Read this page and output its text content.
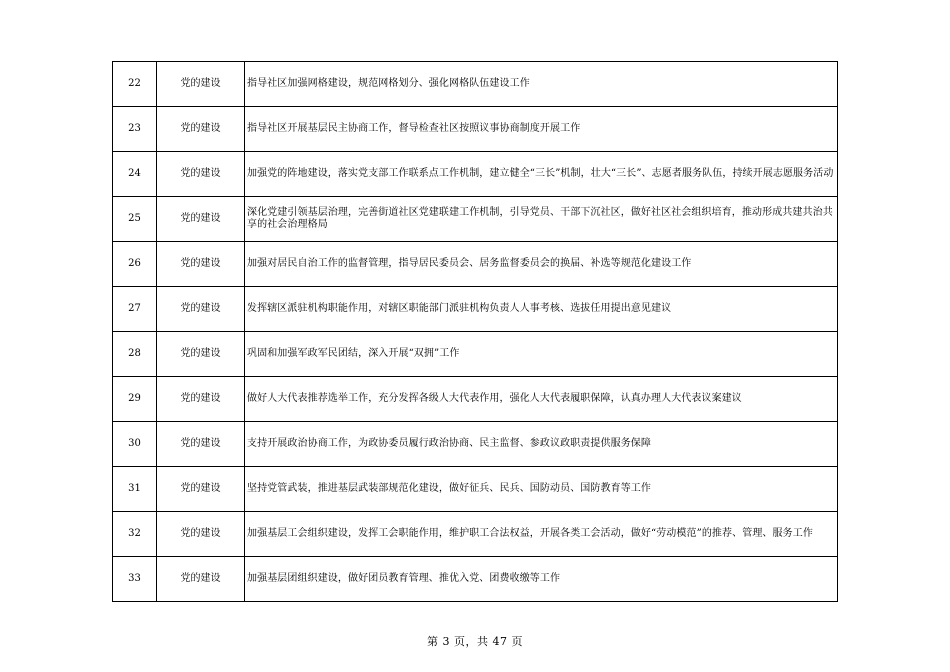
22	党的建设	指导社区加强网格建设，规范网格划分、强化网格队伍建设工作
23	党的建设	指导社区开展基层民主协商工作，督导检查社区按照议事协商制度开展工作
24	党的建设	加强党的阵地建设，落实党支部工作联系点工作机制，建立健全“三长”机制，壮大“三长”、志愿者服务队伍，持续开展志愿服务活动
25	党的建设	深化党建引领基层治理，完善街道社区党建联建工作机制，引导党员、干部下沉社区，做好社区社会组织培育，推动形成共建共治共享的社会治理格局
26	党的建设	加强对居民自治工作的监督管理，指导居民委员会、居务监督委员会的换届、补选等规范化建设工作
27	党的建设	发挥辖区派驻机构职能作用，对辖区职能部门派驻机构负责人人事考核、选拔任用提出意见建议
28	党的建设	巩固和加强军政军民团结，深入开展“双拥”工作
29	党的建设	做好人大代表推荐选举工作，充分发挥各级人大代表作用，强化人大代表履职保障，认真办理人大代表议案建议
30	党的建设	支持开展政治协商工作，为政协委员履行政治协商、民主监督、参政议政职责提供服务保障
31	党的建设	坚持党管武装，推进基层武装部规范化建设，做好征兵、民兵、国防动员、国防教育等工作
32	党的建设	加强基层工会组织建设，发挥工会职能作用，维护职工合法权益，开展各类工会活动，做好“劳动模范”的推荐、管理、服务工作
33	党的建设	加强基层团组织建设，做好团员教育管理、推优入党、团费收缴等工作
第 3 页，共 47 页
